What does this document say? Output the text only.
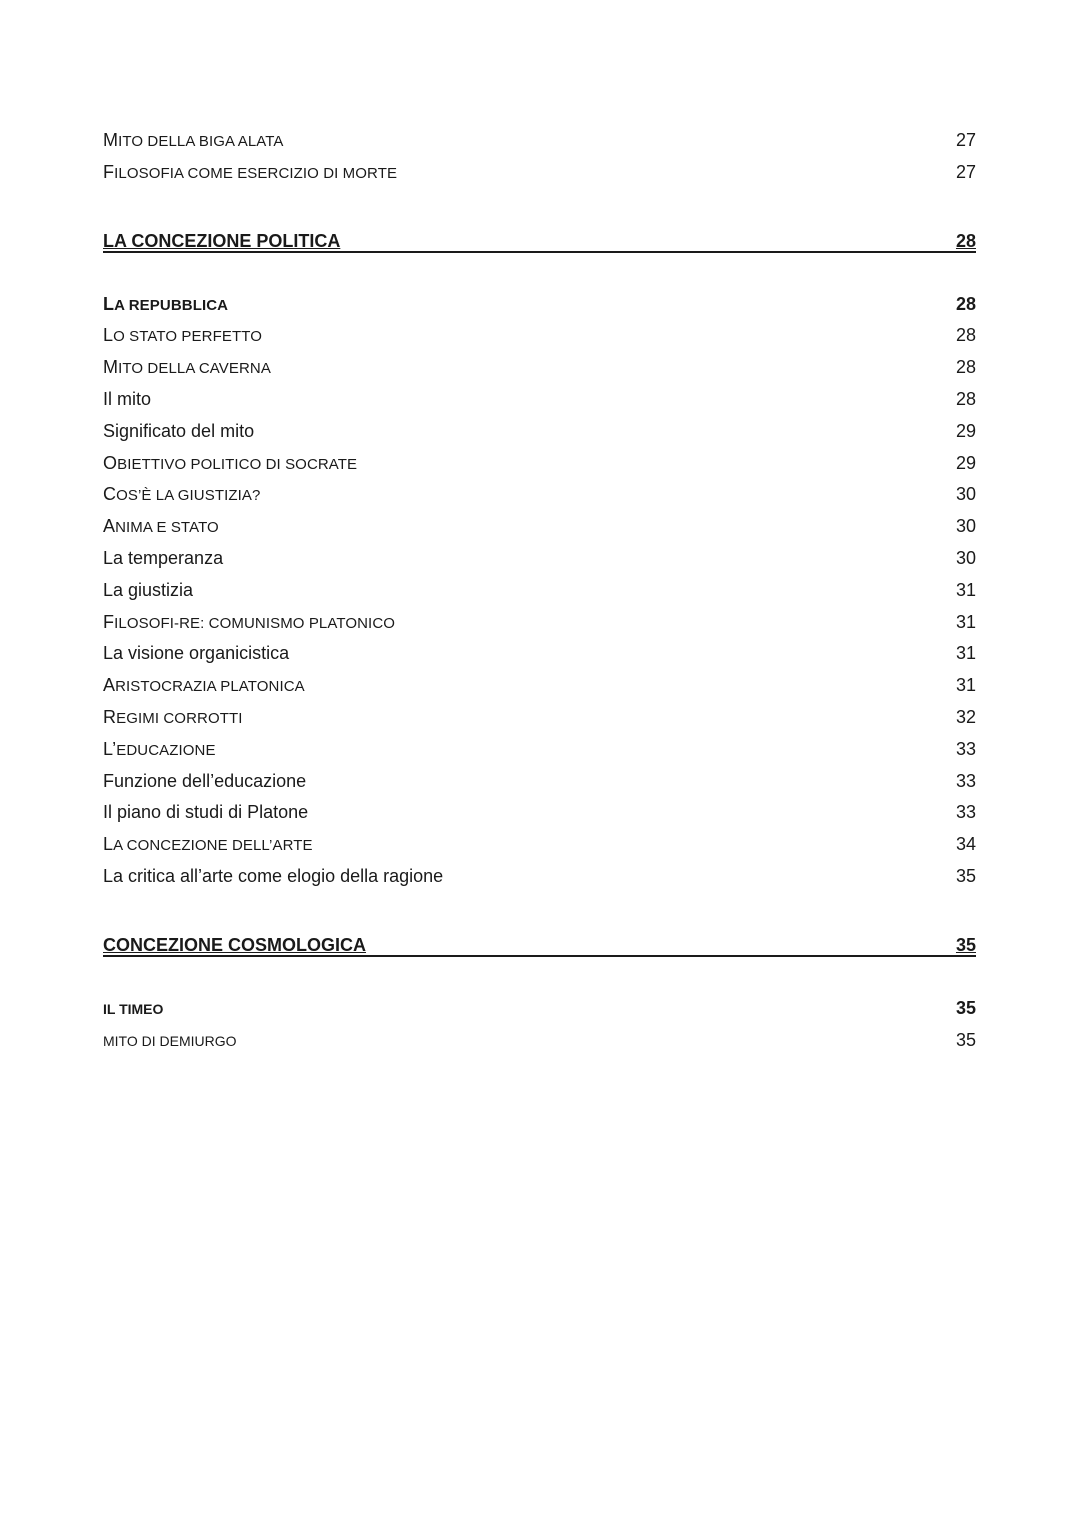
MITO DELLA BIGA ALATA	27
FILOSOFIA COME ESERCIZIO DI MORTE	27
LA CONCEZIONE POLITICA	28
LA REPUBBLICA	28
LO STATO PERFETTO	28
MITO DELLA CAVERNA	28
Il mito	28
Significato del mito	29
OBIETTIVO POLITICO DI SOCRATE	29
COS’È LA GIUSTIZIA?	30
ANIMA E STATO	30
La temperanza	30
La giustizia	31
FILOSOFI-RE: COMUNISMO PLATONICO	31
La visione organicistica	31
ARISTOCRAZIA PLATONICA	31
REGIMI CORROTTI	32
L’EDUCAZIONE	33
Funzione dell’educazione	33
Il piano di studi di Platone	33
LA CONCEZIONE DELL’ARTE	34
La critica all’arte come elogio della ragione	35
CONCEZIONE COSMOLOGICA	35
IL TIMEO	35
MITO DI DEMIURGO	35
